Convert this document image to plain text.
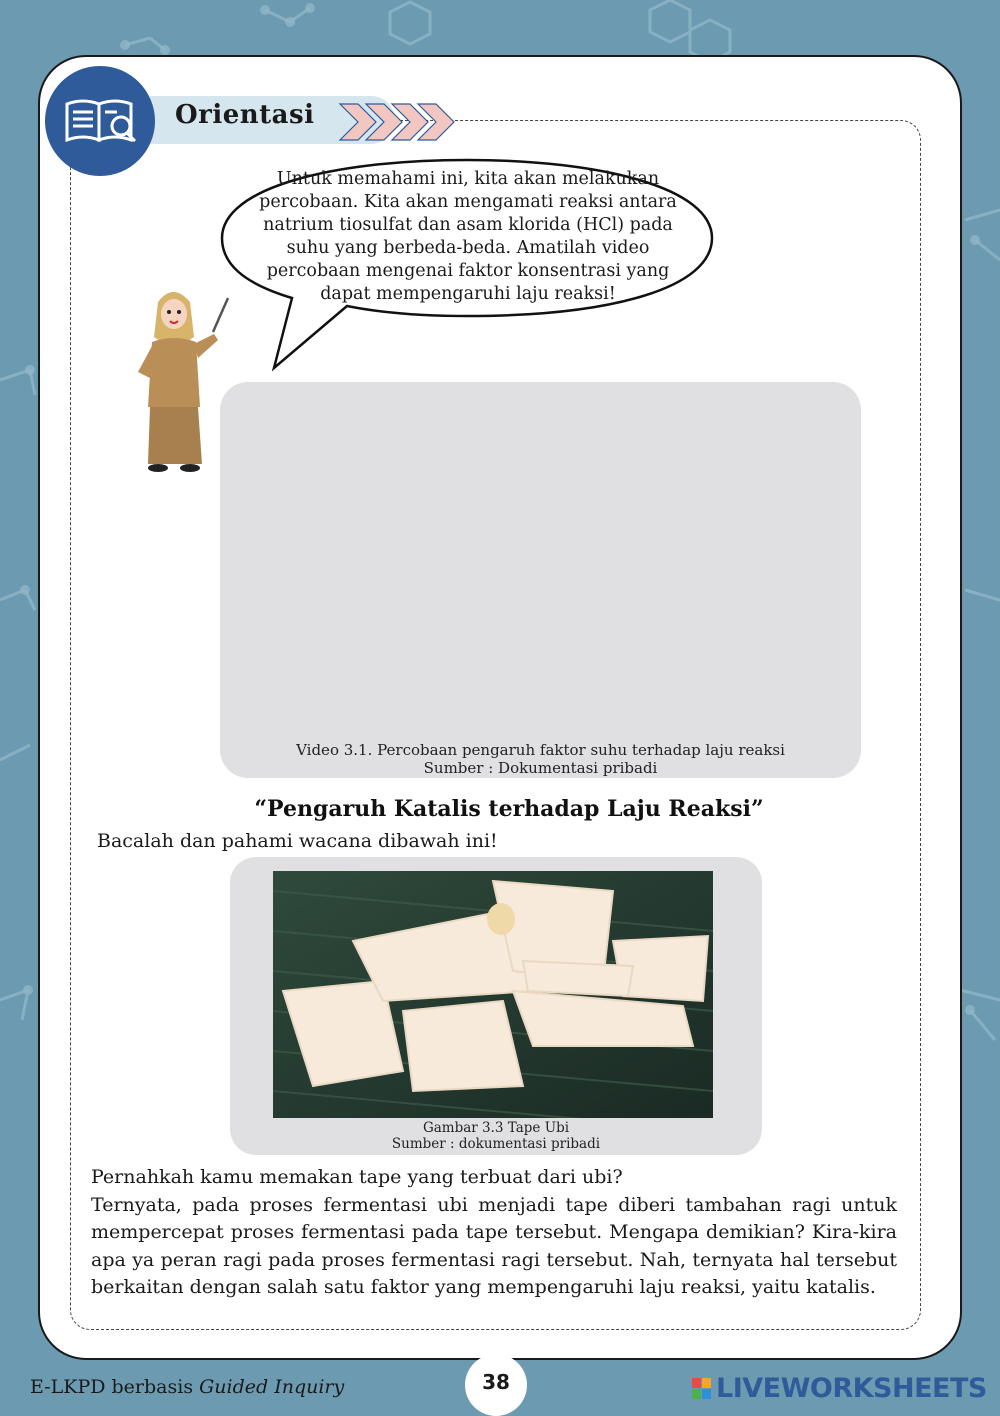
Orientasi
Untuk memahami ini, kita akan melakukan percobaan. Kita akan mengamati reaksi antara natrium tiosulfat dan asam klorida (HCl) pada suhu yang berbeda-beda. Amatilah video percobaan mengenai faktor konsentrasi yang dapat mempengaruhi laju reaksi!
Video 3.1. Percobaan pengaruh faktor suhu terhadap laju reaksi
Sumber : Dokumentasi pribadi
“Pengaruh Katalis terhadap Laju Reaksi”
Bacalah dan pahami wacana dibawah ini!
Gambar 3.3 Tape Ubi
Sumber : dokumentasi pribadi

Pernahkah kamu memakan tape yang terbuat dari ubi?

Ternyata, pada proses fermentasi ubi menjadi tape diberi tambahan ragi untuk mempercepat proses fermentasi pada tape tersebut. Mengapa demikian? Kira-kira apa ya peran ragi pada proses fermentasi ragi tersebut. Nah, ternyata hal tersebut berkaitan dengan salah satu faktor yang mempengaruhi laju reaksi, yaitu katalis.

E-LKPD berbasis Guided Inquiry	38	LIVEWORKSHEETS
